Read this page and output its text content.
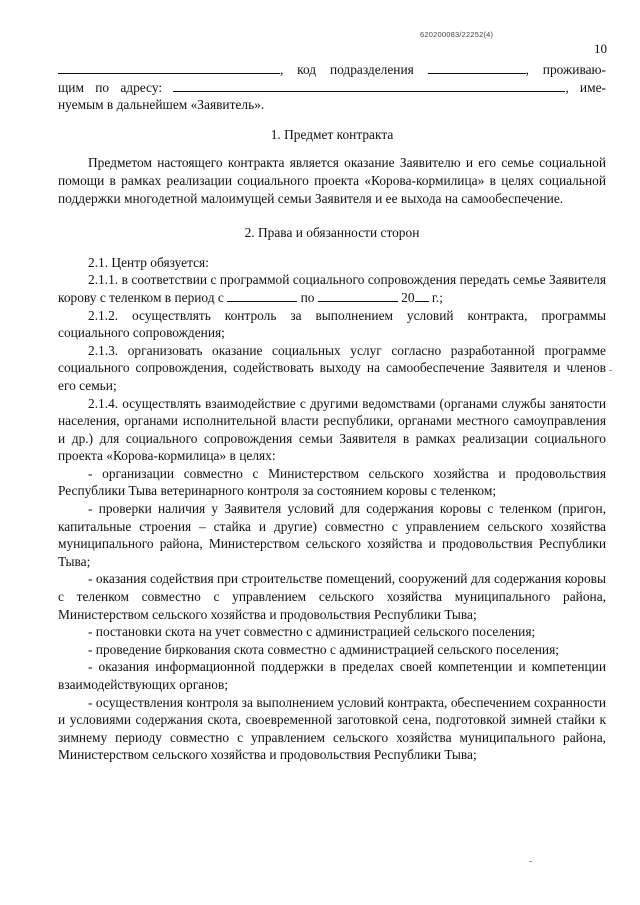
620200083/22252(4)
10

, код подразделения	, проживаю-

щим по адресу:	, име-

нуемым в дальнейшем «Заявитель».

1. Предмет контракта

Предметом настоящего контракта является оказание Заявителю и его семье социальной помощи в рамках реализации социального проекта «Корова-кормилица» в целях социальной поддержки многодетной малоимущей семьи Заявителя и ее выхода на самообеспечение.

2. Права и обязанности сторон

2.1. Центр обязуется:

2.1.1. в соответствии с программой социального сопровождения передать семье Заявителя корову с теленком в период с	по	20 г.;

2.1.2. осуществлять контроль за выполнением условий контракта, программы социального сопровождения;

2.1.3. организовать оказание социальных услуг согласно разработанной программе социального сопровождения, содействовать выходу на самообеспечение Заявителя и членов его семьи;

2.1.4. осуществлять взаимодействие с другими ведомствами (органами службы занятости населения, органами исполнительной власти республики, органами местного самоуправления и др.) для социального сопровождения семьи Заявителя в рамках реализации социального проекта «Корова-кормилица» в целях:

- организации совместно с Министерством сельского хозяйства и продовольствия Республики Тыва ветеринарного контроля за состоянием коровы с теленком;

- проверки наличия у Заявителя условий для содержания коровы с теленком (пригон, капитальные строения – стайка и другие) совместно с управлением сельского хозяйства муниципального района, Министерством сельского хозяйства и продовольствия Республики Тыва;

- оказания содействия при строительстве помещений, сооружений для содержания коровы с теленком совместно с управлением сельского хозяйства муниципального района, Министерством сельского хозяйства и продовольствия Республики Тыва;

- постановки скота на учет совместно с администрацией сельского поселения;

- проведение биркования скота совместно с администрацией сельского поселения;

- оказания информационной поддержки в пределах своей компетенции и компетенции взаимодействующих органов;

- осуществления контроля за выполнением условий контракта, обеспечением сохранности и условиями содержания скота, своевременной заготовкой сена, подготовкой зимней стайки к зимнему периоду совместно с управлением сельского хозяйства муниципального района, Министерством сельского хозяйства и продовольствия Республики Тыва;
